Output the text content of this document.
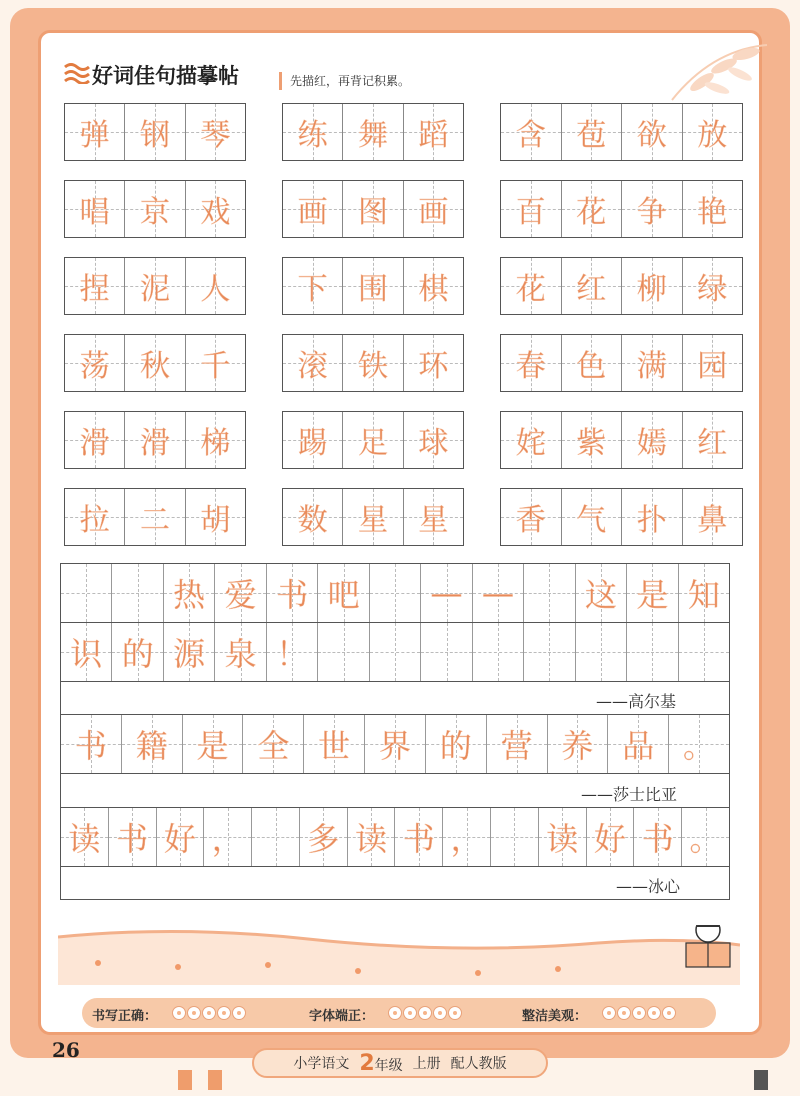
好词佳句描摹帖	先描红，再背记积累。
弹 钢 琴 练 舞 蹈 含 苞 欲 放
唱 京 戏 画 图 画 百 花 争 艳
捏 泥 人 下 围 棋 花 红 柳 绿
荡 秋 千 滚 铁 环 春 色 满 园
滑 滑 梯 踢 足 球 姹 紫 嫣 红
拉 二 胡 数 星 星 香 气 扑 鼻
热 爱 书 吧 — — 这 是 知
识 的 源 泉 ！
——高尔基
书 籍 是 全 世 界 的 营 养 品 。
——莎士比亚
读 书 好 ， 多 读 书 ， 读 好 书 。
——冰心
书写正确：	字体端正：	整洁美观：
26
小学语文 2年级 上册 配人教版
